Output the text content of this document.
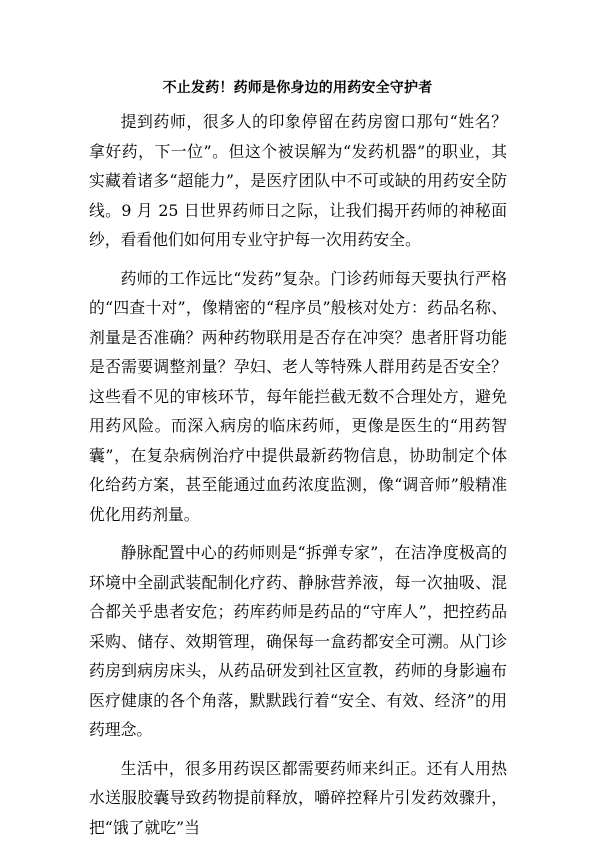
不止发药！药师是你身边的用药安全守护者

提到药师，很多人的印象停留在药房窗口那句“姓名？拿好药，下一位”。但这个被误解为“发药机器”的职业，其实藏着诸多“超能力”，是医疗团队中不可或缺的用药安全防线。9 月 25 日世界药师日之际，让我们揭开药师的神秘面纱，看看他们如何用专业守护每一次用药安全。

药师的工作远比“发药”复杂。门诊药师每天要执行严格的“四查十对”，像精密的“程序员”般核对处方：药品名称、剂量是否准确？两种药物联用是否存在冲突？患者肝肾功能是否需要调整剂量？孕妇、老人等特殊人群用药是否安全？这些看不见的审核环节，每年能拦截无数不合理处方，避免用药风险。而深入病房的临床药师，更像是医生的“用药智囊”，在复杂病例治疗中提供最新药物信息，协助制定个体化给药方案，甚至能通过血药浓度监测，像“调音师”般精准优化用药剂量。

静脉配置中心的药师则是“拆弹专家”，在洁净度极高的环境中全副武装配制化疗药、静脉营养液，每一次抽吸、混合都关乎患者安危；药库药师是药品的“守库人”，把控药品采购、储存、效期管理，确保每一盒药都安全可溯。从门诊药房到病房床头，从药品研发到社区宣教，药师的身影遍布医疗健康的各个角落，默默践行着“安全、有效、经济”的用药理念。

生活中，很多用药误区都需要药师来纠正。还有人用热水送服胶囊导致药物提前释放，嚼碎控释片引发药效骤升，把“饿了就吃”当
